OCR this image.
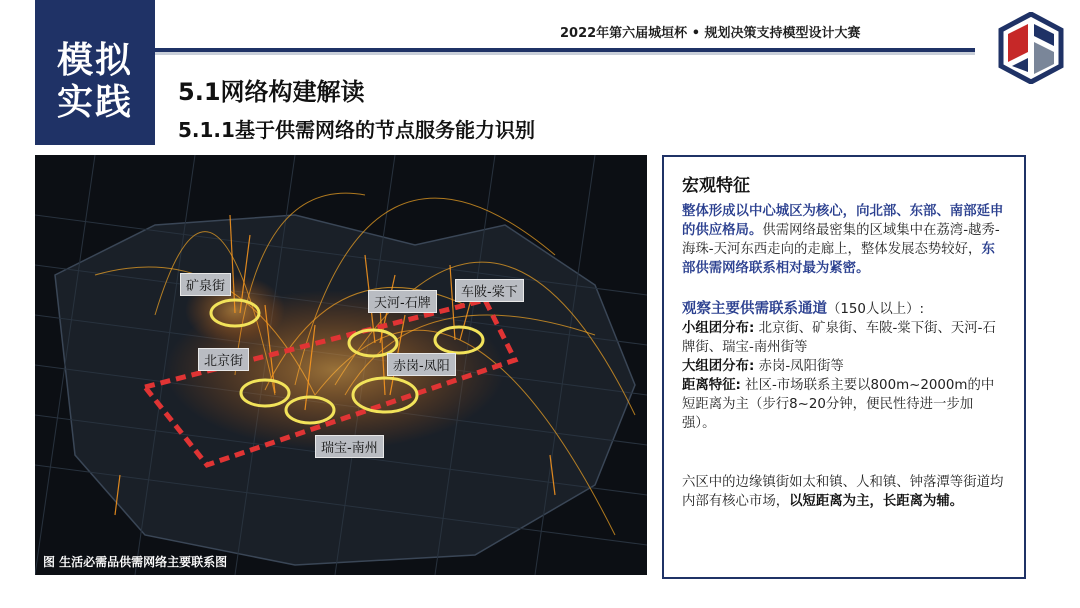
模拟
实践
2022年第六届城垣杯 • 规划决策支持模型设计大赛
5.1网络构建解读
5.1.1基于供需网络的节点服务能力识别
矿泉街
天河-石牌
车陂-棠下
北京街	赤岗-凤阳
瑞宝-南州
图 生活必需品供需网络主要联系图
宏观特征

整体形成以中心城区为核心，向北部、东部、南部延申的供应格局。供需网络最密集的区域集中在荔湾-越秀-海珠-天河东西走向的走廊上，整体发展态势较好，东部供需网络联系相对最为紧密。

观察主要供需联系通道（150人以上）:

小组团分布: 北京街、矿泉街、车陂-棠下街、天河-石牌街、瑞宝-南州街等

大组团分布: 赤岗-凤阳街等

距离特征: 社区-市场联系主要以800m~2000m的中短距离为主（步行8~20分钟，便民性待进一步加强）。

六区中的边缘镇街如太和镇、人和镇、钟落潭等街道均内部有核心市场，以短距离为主，长距离为辅。
